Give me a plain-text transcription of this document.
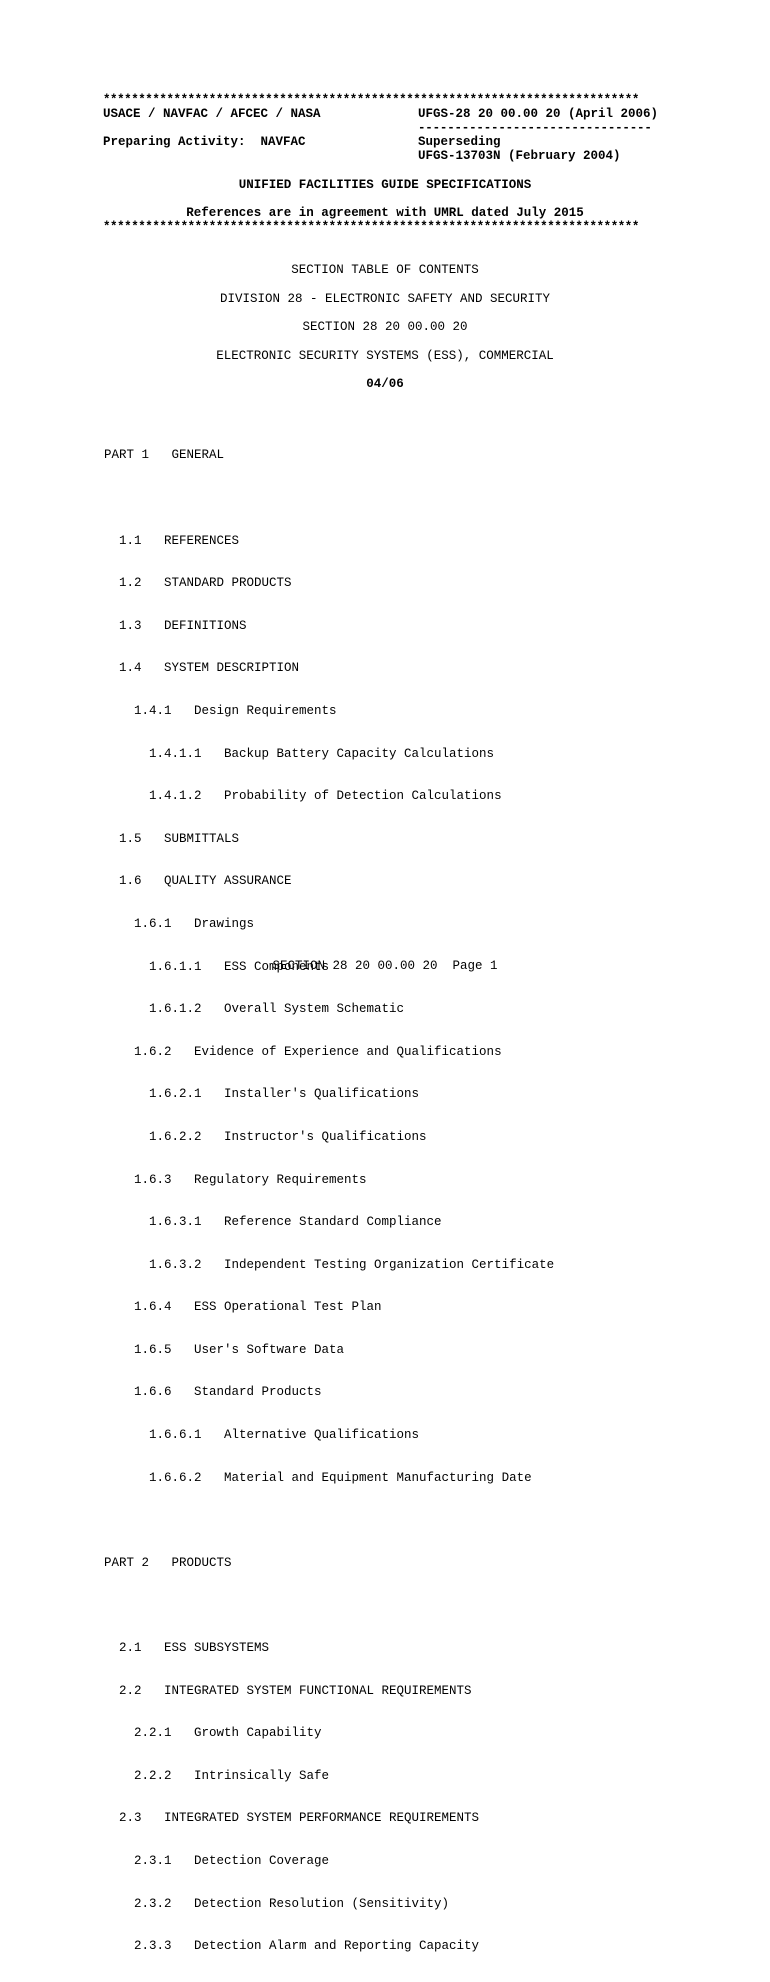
****************************************************************************
USACE / NAVFAC / AFCEC / NASA	UFGS-28 20 00.00 20 (April 2006)
--------------------------------
Preparing Activity:  NAVFAC	Superseding
UFGS-13703N (February 2004)
UNIFIED FACILITIES GUIDE SPECIFICATIONS
References are in agreement with UMRL dated July 2015
****************************************************************************
SECTION TABLE OF CONTENTS
DIVISION 28 - ELECTRONIC SAFETY AND SECURITY
SECTION 28 20 00.00 20
ELECTRONIC SECURITY SYSTEMS (ESS), COMMERCIAL
04/06

PART 1   GENERAL

1.1   REFERENCES

1.2   STANDARD PRODUCTS

1.3   DEFINITIONS

1.4   SYSTEM DESCRIPTION

1.4.1   Design Requirements

1.4.1.1   Backup Battery Capacity Calculations

1.4.1.2   Probability of Detection Calculations

1.5   SUBMITTALS

1.6   QUALITY ASSURANCE

1.6.1   Drawings

1.6.1.1   ESS Components

1.6.1.2   Overall System Schematic

1.6.2   Evidence of Experience and Qualifications

1.6.2.1   Installer's Qualifications

1.6.2.2   Instructor's Qualifications

1.6.3   Regulatory Requirements

1.6.3.1   Reference Standard Compliance

1.6.3.2   Independent Testing Organization Certificate

1.6.4   ESS Operational Test Plan

1.6.5   User's Software Data

1.6.6   Standard Products

1.6.6.1   Alternative Qualifications

1.6.6.2   Material and Equipment Manufacturing Date

PART 2   PRODUCTS

2.1   ESS SUBSYSTEMS

2.2   INTEGRATED SYSTEM FUNCTIONAL REQUIREMENTS

2.2.1   Growth Capability

2.2.2   Intrinsically Safe

2.3   INTEGRATED SYSTEM PERFORMANCE REQUIREMENTS

2.3.1   Detection Coverage

2.3.2   Detection Resolution (Sensitivity)

2.3.3   Detection Alarm and Reporting Capacity

SECTION 28 20 00.00 20  Page 1
